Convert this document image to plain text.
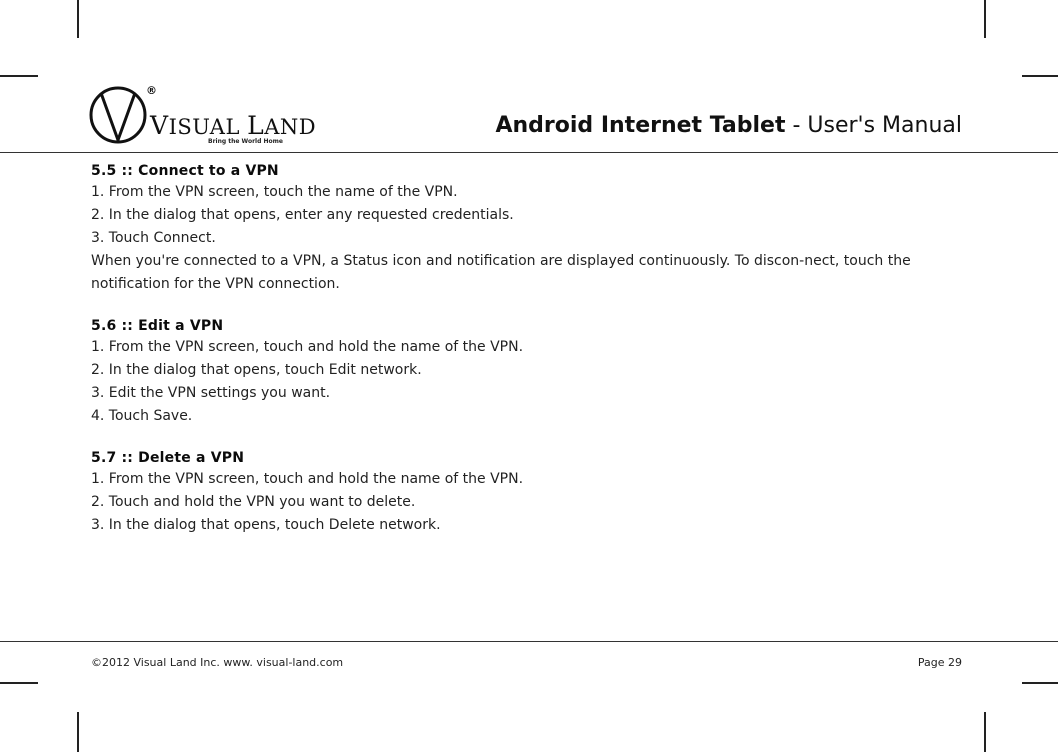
®
VISUAL LAND
Bring the World Home
Android Internet Tablet - User's Manual
5.5 :: Connect to a VPN

1. From the VPN screen, touch the name of the VPN.

2. In the dialog that opens, enter any requested credentials.

3. Touch Connect.

When you're connected to a VPN, a Status icon and notification are displayed continuously. To discon-nect, touch the notification for the VPN connection.

5.6 :: Edit a VPN

1. From the VPN screen, touch and hold the name of the VPN.

2. In the dialog that opens, touch Edit network.

3. Edit the VPN settings you want.

4. Touch Save.

5.7 :: Delete a VPN

1. From the VPN screen, touch and hold the name of the VPN.

2. Touch and hold the VPN you want to delete.

3. In the dialog that opens, touch Delete network.

©2012 Visual Land Inc. www. visual-land.com	Page 29
